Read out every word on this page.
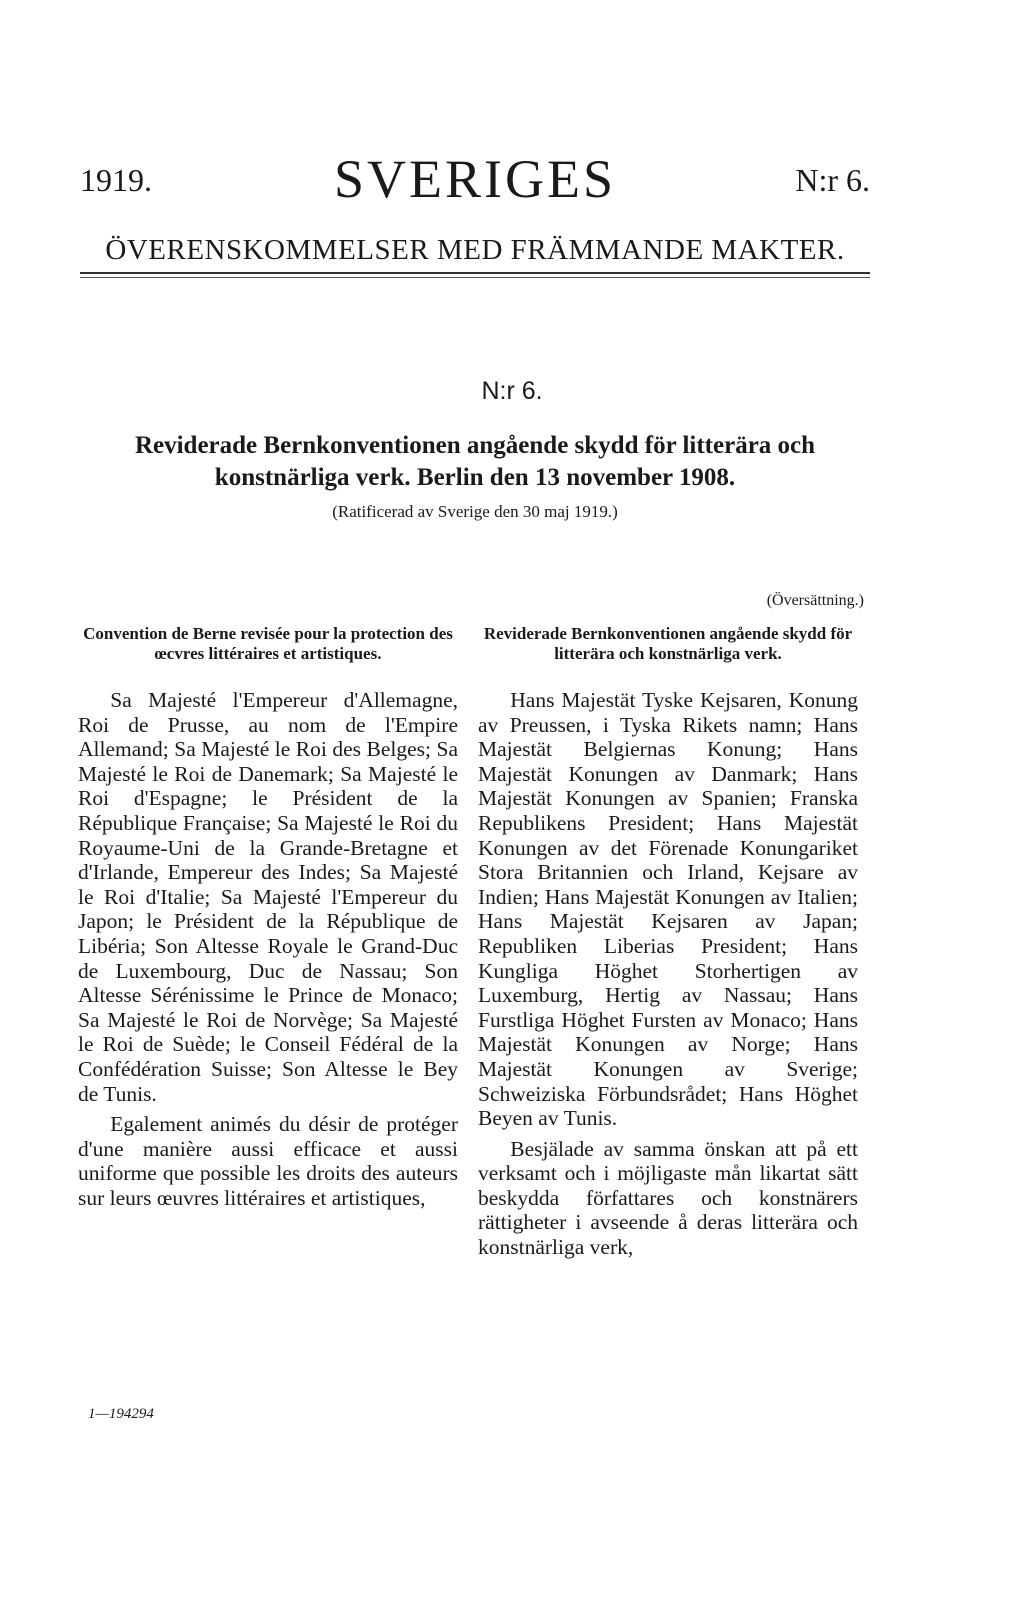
1919.	SVERIGES	N:r 6.
ÖVERENSKOMMELSER MED FRÄMMANDE MAKTER.
N:r 6.
Reviderade Bernkonventionen angående skydd för litterära och
konstnärliga verk. Berlin den 13 november 1908.
(Ratificerad av Sverige den 30 maj 1919.)
(Översättning.)
Convention de Berne revisée pour la protection des œcvres littéraires et artistiques.

Sa Majesté l'Empereur d'Allemagne, Roi de Prusse, au nom de l'Empire Allemand; Sa Majesté le Roi des Belges; Sa Majesté le Roi de Danemark; Sa Majesté le Roi d'Espagne; le Président de la République Française; Sa Majesté le Roi du Royaume-Uni de la Grande-Bretagne et d'Irlande, Empereur des Indes; Sa Majesté le Roi d'Italie; Sa Majesté l'Empereur du Japon; le Président de la République de Libéria; Son Altesse Royale le Grand-Duc de Luxembourg, Duc de Nassau; Son Altesse Sérénissime le Prince de Monaco; Sa Majesté le Roi de Norvège; Sa Majesté le Roi de Suède; le Conseil Fédéral de la Confédération Suisse; Son Altesse le Bey de Tunis.

Egalement animés du désir de protéger d'une manière aussi efficace et aussi uniforme que possible les droits des auteurs sur leurs œuvres littéraires et artistiques,

Reviderade Bernkonventionen angående skydd för litterära och konstnärliga verk.

Hans Majestät Tyske Kejsaren, Konung av Preussen, i Tyska Rikets namn; Hans Majestät Belgiernas Konung; Hans Majestät Konungen av Danmark; Hans Majestät Konungen av Spanien; Franska Republikens President; Hans Majestät Konungen av det Förenade Konungariket Stora Britannien och Irland, Kejsare av Indien; Hans Majestät Konungen av Italien; Hans Majestät Kejsaren av Japan; Republiken Liberias President; Hans Kungliga Höghet Storhertigen av Luxemburg, Hertig av Nassau; Hans Furstliga Höghet Fursten av Monaco; Hans Majestät Konungen av Norge; Hans Majestät Konungen av Sverige; Schweiziska Förbundsrådet; Hans Höghet Beyen av Tunis.

Besjälade av samma önskan att på ett verksamt och i möjligaste mån likartat sätt beskydda författares och konstnärers rättigheter i avseende å deras litterära och konstnärliga verk,

1—194294
